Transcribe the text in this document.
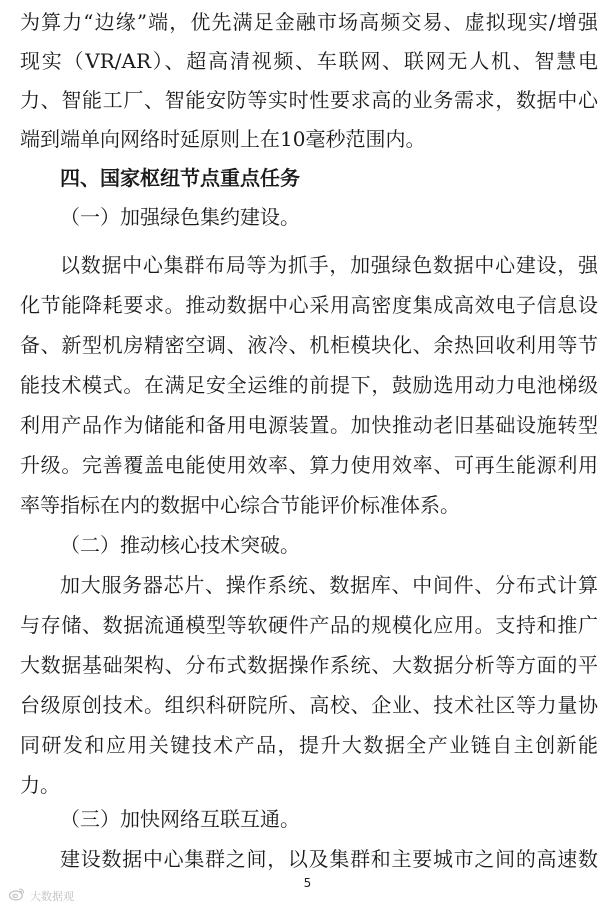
为算力“边缘”端，优先满足金融市场高频交易、虚拟现实/增强
现实（VR/AR）、超高清视频、车联网、联网无人机、智慧电
力、智能工厂、智能安防等实时性要求高的业务需求，数据中心
端到端单向网络时延原则上在10毫秒范围内。
四、国家枢纽节点重点任务
（一）加强绿色集约建设。
以数据中心集群布局等为抓手，加强绿色数据中心建设，强
化节能降耗要求。推动数据中心采用高密度集成高效电子信息设
备、新型机房精密空调、液冷、机柜模块化、余热回收利用等节
能技术模式。在满足安全运维的前提下，鼓励选用动力电池梯级
利用产品作为储能和备用电源装置。加快推动老旧基础设施转型
升级。完善覆盖电能使用效率、算力使用效率、可再生能源利用
率等指标在内的数据中心综合节能评价标准体系。
（二）推动核心技术突破。
加大服务器芯片、操作系统、数据库、中间件、分布式计算
与存储、数据流通模型等软硬件产品的规模化应用。支持和推广
大数据基础架构、分布式数据操作系统、大数据分析等方面的平
台级原创技术。组织科研院所、高校、企业、技术社区等力量协
同研发和应用关键技术产品，提升大数据全产业链自主创新能
力。
（三）加快网络互联互通。
建设数据中心集群之间，以及集群和主要城市之间的高速数
5
大数据观
